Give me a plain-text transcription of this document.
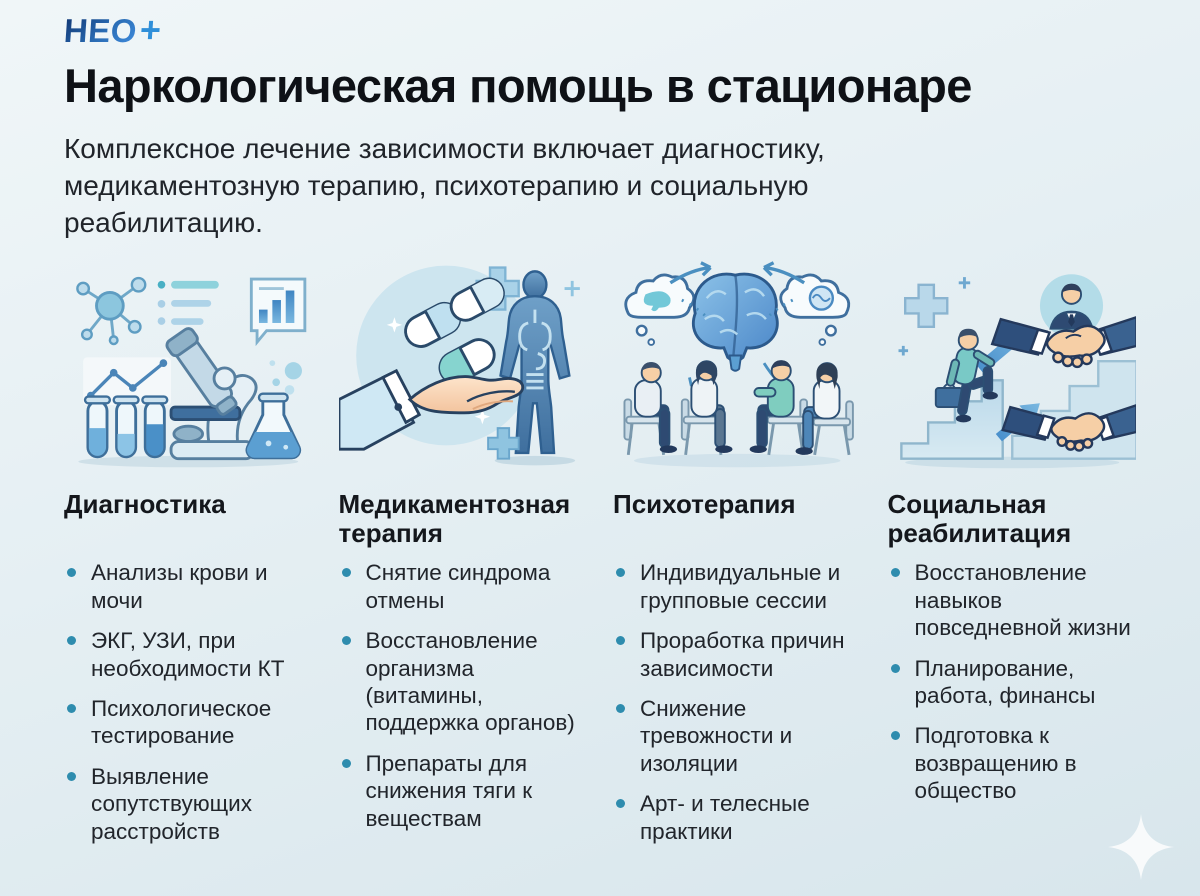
НЕО +
Наркологическая помощь в стационаре

Комплексное лечение зависимости включает диагностику, медикаментозную терапию, психотерапию и социальную реабилитацию.

Диагностика
Анализы крови и мочи
ЭКГ, УЗИ, при необходимости КТ
Психологическое тестирование
Выявление сопутствующих расстройств
Медикаментозная терапия
Снятие синдрома отмены
Восстановление организма (витамины, поддержка органов)
Препараты для снижения тяги к веществам
Психотерапия
Индивидуальные и групповые сессии
Проработка причин зависимости
Снижение тревожности и изоляции
Арт- и телесные практики
Социальная реабилитация
Восстановление навыков повседневной жизни
Планирование, работа, финансы
Подготовка к возвращению в общество
